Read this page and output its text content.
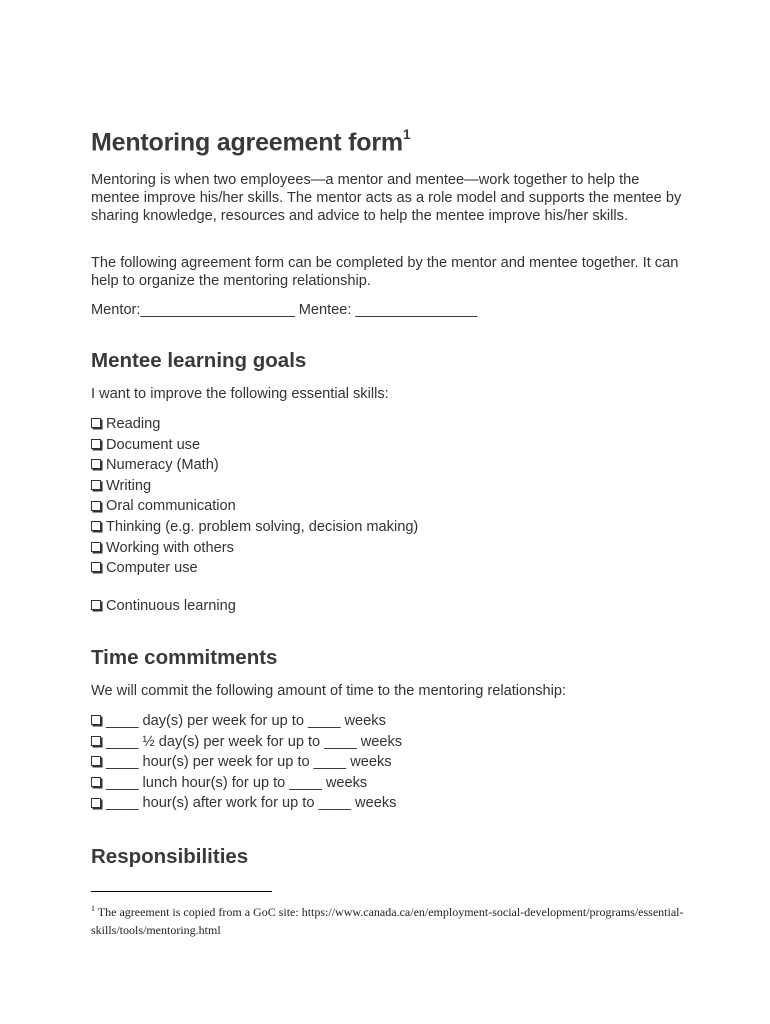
Mentoring agreement form$^1$

Mentoring is when two employees—a mentor and mentee—work together to help the mentee improve his/her skills. The mentor acts as a role model and supports the mentee by sharing knowledge, resources and advice to help the mentee improve his/her skills.

The following agreement form can be completed by the mentor and mentee together. It can help to organize the mentoring relationship.

Mentor:___________________ Mentee: _______________

Mentee learning goals

I want to improve the following essential skills:

Reading
Document use
Numeracy (Math)
Writing
Oral communication
Thinking (e.g. problem solving, decision making)
Working with others
Computer use
Continuous learning
Time commitments

We will commit the following amount of time to the mentoring relationship:

____ day(s) per week for up to ____ weeks
____ ½ day(s) per week for up to ____ weeks
____ hour(s) per week for up to ____ weeks
____ lunch hour(s) for up to ____ weeks
____ hour(s) after work for up to ____ weeks
Responsibilities

$^1$ The agreement is copied from a GoC site: https://www.canada.ca/en/employment-social-development/programs/essential-skills/tools/mentoring.html
